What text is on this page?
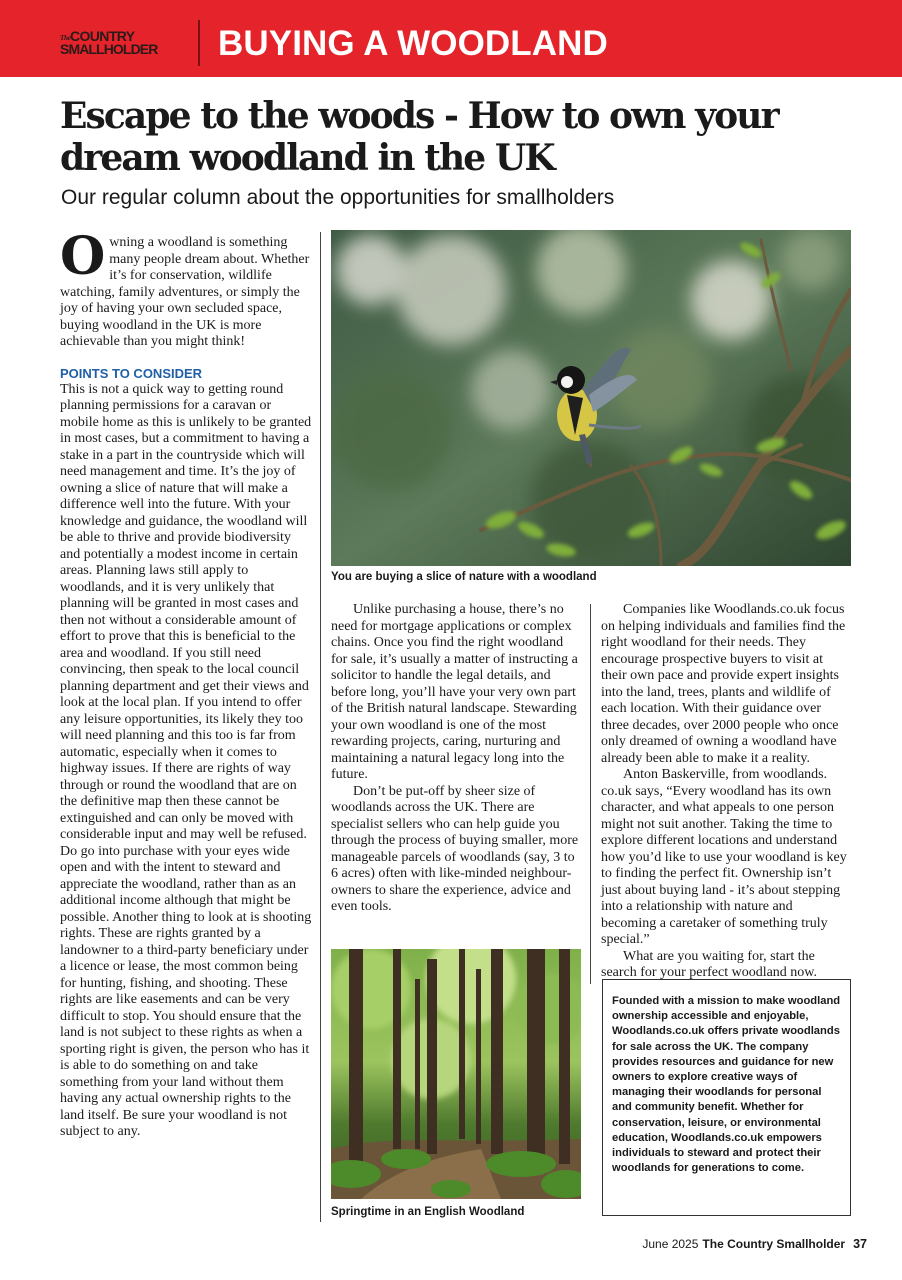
The COUNTRY
SMALLHOLDER BUYING A WOODLAND
Escape to the woods - How to own your dream woodland in the UK
Our regular column about the opportunities for smallholders

Owning a woodland is something many people dream about. Whether it’s for conservation, wildlife watching, family adventures, or simply the joy of having your own secluded space, buying woodland in the UK is more achievable than you might think!

POINTS TO CONSIDER

This is not a quick way to getting round planning permissions for a caravan or mobile home as this is unlikely to be granted in most cases, but a commitment to having a stake in a part in the countryside which will need management and time. It’s the joy of owning a slice of nature that will make a difference well into the future. With your knowledge and guidance, the woodland will be able to thrive and provide biodiversity and potentially a modest income in certain areas. Planning laws still apply to woodlands, and it is very unlikely that planning will be granted in most cases and then not without a considerable amount of effort to prove that this is beneficial to the area and woodland. If you still need convincing, then speak to the local council planning department and get their views and look at the local plan. If you intend to offer any leisure opportunities, its likely they too will need planning and this too is far from automatic, especially when it comes to highway issues. If there are rights of way through or round the woodland that are on the definitive map then these cannot be extinguished and can only be moved with considerable input and may well be refused. Do go into purchase with your eyes wide open and with the intent to steward and appreciate the woodland, rather than as an additional income although that might be possible. Another thing to look at is shooting rights. These are rights granted by a landowner to a third-party beneficiary under a licence or lease, the most common being for hunting, fishing, and shooting. These rights are like easements and can be very difficult to stop. You should ensure that the land is not subject to these rights as when a sporting right is given, the person who has it is able to do something on and take something from your land without them having any actual ownership rights to the land itself. Be sure your woodland is not subject to any.

You are buying a slice of nature with a woodland

Unlike purchasing a house, there’s no need for mortgage applications or complex chains. Once you find the right woodland for sale, it’s usually a matter of instructing a solicitor to handle the legal details, and before long, you’ll have your very own part of the British natural landscape. Stewarding your own woodland is one of the most rewarding projects, caring, nurturing and maintaining a natural legacy long into the future.

Don’t be put-off by sheer size of woodlands across the UK. There are specialist sellers who can help guide you through the process of buying smaller, more manageable parcels of woodlands (say, 3 to 6 acres) often with like-minded neighbour-owners to share the experience, advice and even tools.

Companies like Woodlands.co.uk focus on helping individuals and families find the right woodland for their needs. They encourage prospective buyers to visit at their own pace and provide expert insights into the land, trees, plants and wildlife of each location. With their guidance over three decades, over 2000 people who once only dreamed of owning a woodland have already been able to make it a reality.

Anton Baskerville, from woodlands. co.uk says, “Every woodland has its own character, and what appeals to one person might not suit another. Taking the time to explore different locations and understand how you’d like to use your woodland is key to finding the perfect fit. Ownership isn’t just about buying land - it’s about stepping into a relationship with nature and becoming a caretaker of something truly special.”

What are you waiting for, start the search for your perfect woodland now.

Springtime in an English Woodland

Founded with a mission to make woodland ownership accessible and enjoyable, Woodlands.co.uk offers private woodlands for sale across the UK. The company provides resources and guidance for new owners to explore creative ways of managing their woodlands for personal and community benefit. Whether for conservation, leisure, or environmental education, Woodlands.co.uk empowers individuals to steward and protect their woodlands for generations to come.

June 2025 The Country Smallholder 37
